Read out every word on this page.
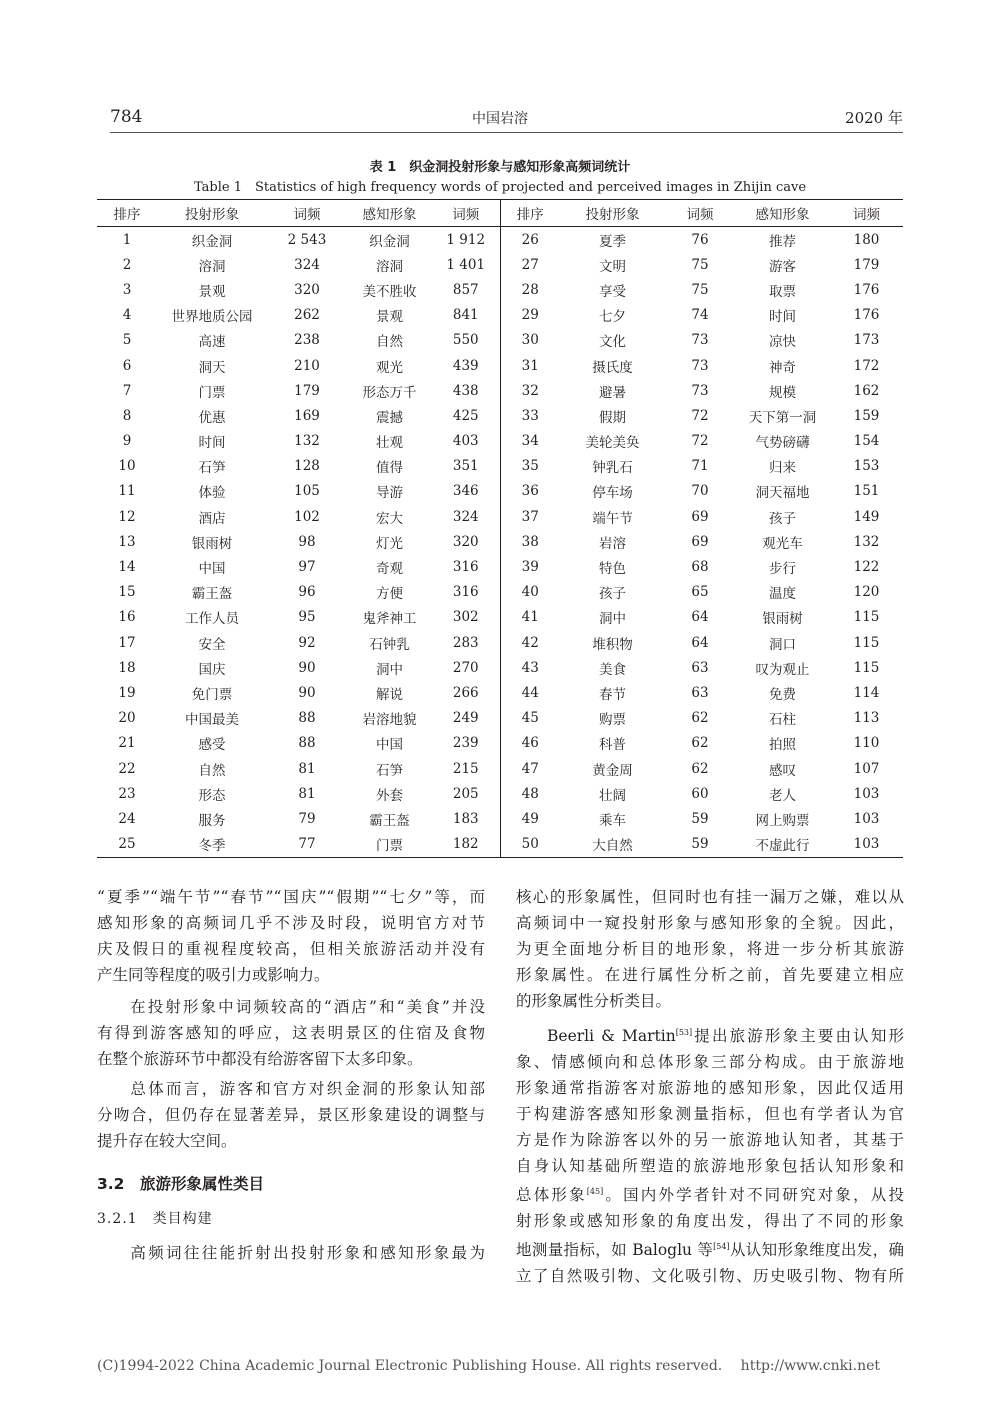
784	中国岩溶	2020 年
表 1　织金洞投射形象与感知形象高频词统计
Table 1　Statistics of high frequency words of projected and perceived images in Zhijin cave
排序	投射形象	词频	感知形象	词频	排序	投射形象	词频	感知形象	词频
1	织金洞	2 543	织金洞	1 912	26	夏季	76	推荐	180
2	溶洞	324	溶洞	1 401	27	文明	75	游客	179
3	景观	320	美不胜收	857	28	享受	75	取票	176
4	世界地质公园	262	景观	841	29	七夕	74	时间	176
5	高速	238	自然	550	30	文化	73	凉快	173
6	洞天	210	观光	439	31	摄氏度	73	神奇	172
7	门票	179	形态万千	438	32	避暑	73	规模	162
8	优惠	169	震撼	425	33	假期	72	天下第一洞	159
9	时间	132	壮观	403	34	美轮美奂	72	气势磅礴	154
10	石笋	128	值得	351	35	钟乳石	71	归来	153
11	体验	105	导游	346	36	停车场	70	洞天福地	151
12	酒店	102	宏大	324	37	端午节	69	孩子	149
13	银雨树	98	灯光	320	38	岩溶	69	观光车	132
14	中国	97	奇观	316	39	特色	68	步行	122
15	霸王盔	96	方便	316	40	孩子	65	温度	120
16	工作人员	95	鬼斧神工	302	41	洞中	64	银雨树	115
17	安全	92	石钟乳	283	42	堆积物	64	洞口	115
18	国庆	90	洞中	270	43	美食	63	叹为观止	115
19	免门票	90	解说	266	44	春节	63	免费	114
20	中国最美	88	岩溶地貌	249	45	购票	62	石柱	113
21	感受	88	中国	239	46	科普	62	拍照	110
22	自然	81	石笋	215	47	黄金周	62	感叹	107
23	形态	81	外套	205	48	壮阔	60	老人	103
24	服务	79	霸王盔	183	49	乘车	59	网上购票	103
25	冬季	77	门票	182	50	大自然	59	不虚此行	103
“夏季”“端午节”“春节”“国庆”“假期”“七夕”等，而
感知形象的高频词几乎不涉及时段，说明官方对节
庆及假日的重视程度较高，但相关旅游活动并没有
产生同等程度的吸引力或影响力。
在投射形象中词频较高的“酒店”和“美食”并没
有得到游客感知的呼应，这表明景区的住宿及食物
在整个旅游环节中都没有给游客留下太多印象。
总体而言，游客和官方对织金洞的形象认知部
分吻合，但仍存在显著差异，景区形象建设的调整与
提升存在较大空间。
3.2　旅游形象属性类目
3.2.1　类目构建
高频词往往能折射出投射形象和感知形象最为
核心的形象属性，但同时也有挂一漏万之嫌，难以从
高频词中一窥投射形象与感知形象的全貌。因此，
为更全面地分析目的地形象，将进一步分析其旅游
形象属性。在进行属性分析之前，首先要建立相应
的形象属性分析类目。
Beerli & Martin[53]提出旅游形象主要由认知形
象、情感倾向和总体形象三部分构成。由于旅游地
形象通常指游客对旅游地的感知形象，因此仅适用
于构建游客感知形象测量指标，但也有学者认为官
方是作为除游客以外的另一旅游地认知者，其基于
自身认知基础所塑造的旅游地形象包括认知形象和
总体形象[45]。国内外学者针对不同研究对象，从投
射形象或感知形象的角度出发，得出了不同的形象
地测量指标，如 Baloglu 等[54]从认知形象维度出发，确
立了自然吸引物、文化吸引物、历史吸引物、物有所
(C)1994-2022 China Academic Journal Electronic Publishing House. All rights reserved.　 http://www.cnki.net
